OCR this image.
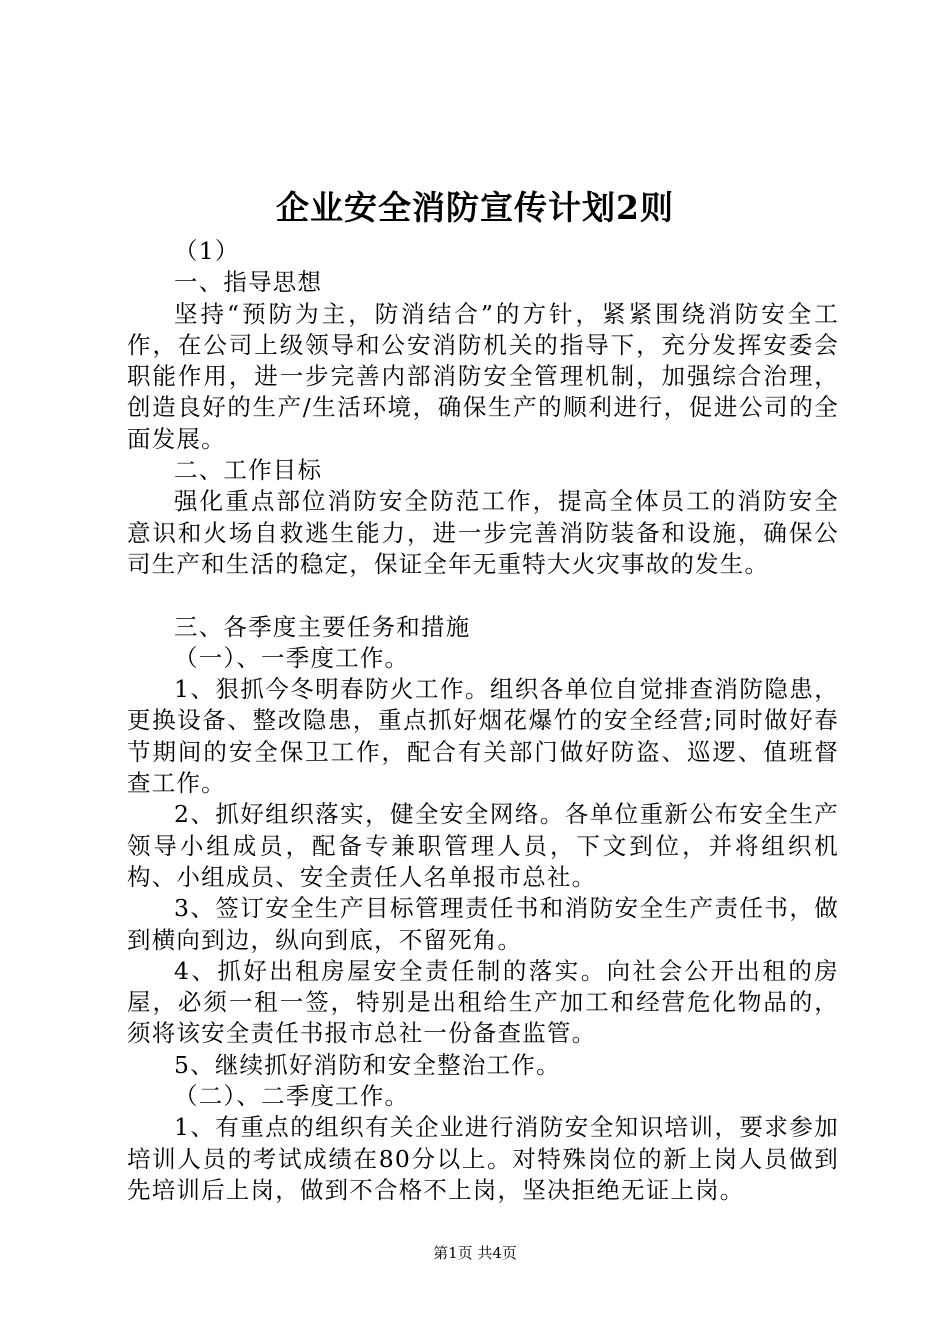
企业安全消防宣传计划2则

（1）

一、指导思想

坚持“预防为主，防消结合”的方针，紧紧围绕消防安全工作，在公司上级领导和公安消防机关的指导下，充分发挥安委会职能作用，进一步完善内部消防安全管理机制，加强综合治理，创造良好的生产/生活环境，确保生产的顺利进行，促进公司的全面发展。

二、工作目标

强化重点部位消防安全防范工作，提高全体员工的消防安全意识和火场自救逃生能力，进一步完善消防装备和设施，确保公司生产和生活的稳定，保证全年无重特大火灾事故的发生。

三、各季度主要任务和措施

（一）、一季度工作。

1、狠抓今冬明春防火工作。组织各单位自觉排查消防隐患，更换设备、整改隐患，重点抓好烟花爆竹的安全经营;同时做好春节期间的安全保卫工作，配合有关部门做好防盗、巡逻、值班督查工作。

2、抓好组织落实，健全安全网络。各单位重新公布安全生产领导小组成员，配备专兼职管理人员，下文到位，并将组织机构、小组成员、安全责任人名单报市总社。

3、签订安全生产目标管理责任书和消防安全生产责任书，做到横向到边，纵向到底，不留死角。

4、抓好出租房屋安全责任制的落实。向社会公开出租的房屋，必须一租一签，特别是出租给生产加工和经营危化物品的，须将该安全责任书报市总社一份备查监管。

5、继续抓好消防和安全整治工作。

（二）、二季度工作。

1、有重点的组织有关企业进行消防安全知识培训，要求参加培训人员的考试成绩在80分以上。对特殊岗位的新上岗人员做到先培训后上岗，做到不合格不上岗，坚决拒绝无证上岗。

第1页 共4页
